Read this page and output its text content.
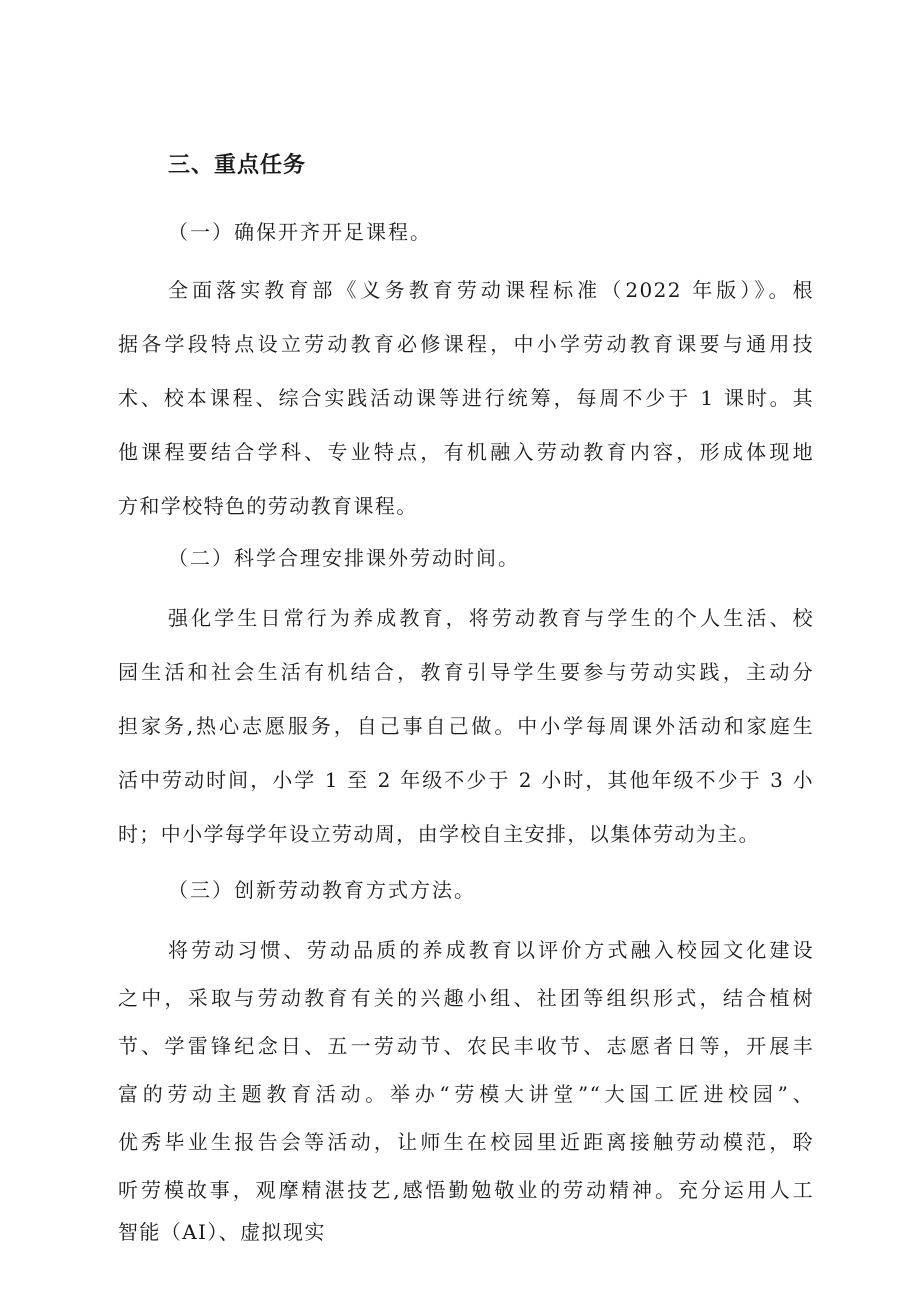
三、重点任务
（一）确保开齐开足课程。
全面落实教育部《义务教育劳动课程标准（2022 年版）》。根
据各学段特点设立劳动教育必修课程，中小学劳动教育课要与通用技
术、校本课程、综合实践活动课等进行统筹，每周不少于 1 课时。其
他课程要结合学科、专业特点，有机融入劳动教育内容，形成体现地
方和学校特色的劳动教育课程。
（二）科学合理安排课外劳动时间。
强化学生日常行为养成教育，将劳动教育与学生的个人生活、校
园生活和社会生活有机结合，教育引导学生要参与劳动实践，主动分
担家务,热心志愿服务，自己事自己做。中小学每周课外活动和家庭生
活中劳动时间，小学 1 至 2 年级不少于 2 小时，其他年级不少于 3 小
时；中小学每学年设立劳动周，由学校自主安排，以集体劳动为主。
（三）创新劳动教育方式方法。
将劳动习惯、劳动品质的养成教育以评价方式融入校园文化建设
之中，采取与劳动教育有关的兴趣小组、社团等组织形式，结合植树
节、学雷锋纪念日、五一劳动节、农民丰收节、志愿者日等，开展丰
富的劳动主题教育活动。举办“劳模大讲堂”“大国工匠进校园”、
优秀毕业生报告会等活动，让师生在校园里近距离接触劳动模范，聆
听劳模故事，观摩精湛技艺,感悟勤勉敬业的劳动精神。充分运用人工
智能（AI）、虚拟现实
